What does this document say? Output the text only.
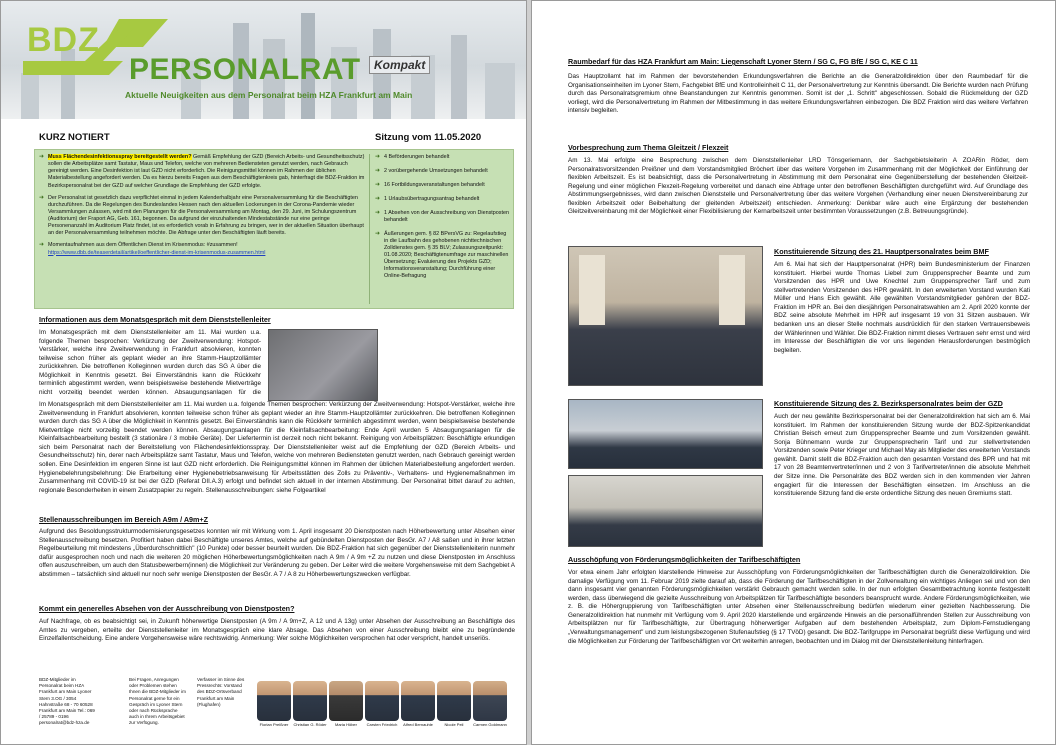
BDZ
PERSONALRAT	Kompakt
Aktuelle Neuigkeiten aus dem Personalrat beim HZA Frankfurt am Main
KURZ NOTIERT	Sitzung vom 11.05.2020
➜ Muss Flächendesinfektionsspray bereitgestellt werden? Gemäß Empfehlung der GZD (Bereich Arbeits- und Gesundheitsschutz) sollen die Arbeitsplätze samt Tastatur, Maus und Telefon, welche von mehreren Bediensteten genutzt werden, nach Gebrauch gereinigt werden. Eine Desinfektion ist laut GZD nicht erforderlich. Die Reinigungsmittel können im Rahmen der üblichen Materialbestellung angefordert werden. Da es hierzu bereits Fragen aus dem Beschäftigtenkreis gab, hinterfragt die BDZ-Fraktion im Bezirkspersonalrat bei der GZD auf welcher Grundlage die Empfehlung der GZD erfolgte.
➜ Der Personalrat ist gesetzlich dazu verpflichtet einmal in jedem Kalenderhalbjahr eine Personalversammlung für die Beschäftigten durchzuführen. Da die Regelungen des Bundeslandes Hessen nach den aktuellen Lockerungen in der Corona-Pandemie wieder Versammlungen zulassen, wird mit den Planungen für die Personalversammlung am Montag, den 29. Juni, im Schulungszentrum (Auditorium) der Fraport AG, Geb. 161, begonnen. Da aufgrund der einzuhaltenden Mindestabstände nur eine geringe Personenanzahl im Auditorium Platz findet, ist es erforderlich vorab in Erfahrung zu bringen, wer in der aktuellen Situation überhaupt an der Personalversammlung teilnehmen möchte. Die Abfrage unter den Beschäftigten läuft bereits.
➜ Momentaufnahmen aus dem Öffentlichen Dienst im Krisenmodus: #zusammen!
https://www.dbb.de/teaserdetail/artikel/oeffentlicher-dienst-im-krisenmodus-zusammen.html
➜ 4 Beförderungen behandelt
➜ 2 vorübergehende Umsetzungen behandelt
➜ 16 Fortbildungsveranstaltungen behandelt
➜ 1 Urlaubsübertragungsantrag behandelt
➜ 1 Absehen von der Ausschreibung von Dienstposten behandelt
➜ Äußerungen gem. § 82 BPersVG zu: Regelaufstieg in die Laufbahn des gehobenen nichttechnischen Zolldienstes gem. § 35 BLV; Zulassungszeitpunkt: 01.08.2020; Beschäftigtenumfrage zur maschinellen Übersetzung; Evaluierung des Projekts GZD; Informationsveranstaltung; Durchführung einer Online-Befragung
Informationen aus dem Monatsgespräch mit dem Dienststellenleiter
Im Monatsgespräch mit dem Dienststellenleiter am 11. Mai wurden u.a. folgende Themen besprochen: Verkürzung der Zweitverwendung: Hotspot-Verstärker, welche ihre Zweitverwendung in Frankfurt absolvieren, konnten teilweise schon früher als geplant wieder an ihre Stamm-Hauptzollämter zurückkehren. Die betroffenen Kolleginnen wurden durch das SG A über die Möglichkeit in Kenntnis gesetzt. Bei Einverständnis kann die Rückkehr terminlich abgestimmt werden, wenn beispielsweise bestehende Mietverträge nicht vorzeitig beendet werden können. Absaugungsanlagen für die
Im Monatsgespräch mit dem Dienststellenleiter am 11. Mai wurden u.a. folgende Themen besprochen: Verkürzung der Zweitverwendung: Hotspot-Verstärker, welche ihre Zweitverwendung in Frankfurt absolvieren, konnten teilweise schon früher als geplant wieder an ihre Stamm-Hauptzollämter zurückkehren. Die betroffenen Kolleginnen wurden durch das SG A über die Möglichkeit in Kenntnis gesetzt. Bei Einverständnis kann die Rückkehr terminlich abgestimmt werden, wenn beispielsweise bestehende Mietverträge nicht vorzeitig beendet werden können. Absaugungsanlagen für die Kleinfallsachbearbeitung: Ende April wurden 5 Absaugungsanlagen für die Kleinfallsachbearbeitung bestellt (3 stationäre / 3 mobile Geräte). Der Liefertermin ist derzeit noch nicht bekannt. Reinigung von Arbeitsplätzen: Beschäftigte erkundigen sich beim Personalrat nach der Bereitstellung von Flächendesinfektionsspray. Der Dienststellenleiter weist auf die Empfehlung der GZD (Bereich Arbeits- und Gesundheitsschutz) hin, derer nach Arbeitsplätze samt Tastatur, Maus und Telefon, welche von mehreren Bediensteten genutzt werden, nach Gebrauch gereinigt werden sollen. Eine Desinfektion im engeren Sinne ist laut GZD nicht erforderlich. Die Reinigungsmittel können im Rahmen der üblichen Materialbestellung angefordert werden. Hygienebelehrungsbelehrung: Die Erarbeitung einer Hygienebetriebsanweisung für Arbeitsstätten des Zolls zu Präventiv-, Verhaltens- und Hygienemaßnahmen im Zusammenhang mit COVID-19 ist bei der GZD (Referat DII.A.3) erfolgt und befindet sich aktuell in der internen Abstimmung. Der Personalrat bittet darauf zu achten, regionale Besonderheiten in einem Zusatzpapier zu regeln. Stellenausschreibungen: siehe Folgeartikel
Stellenausschreibungen im Bereich A9m / A9m+Z
Aufgrund des Besoldungsstrukturmodernisierungsgesetzes konnten wir mit Wirkung vom 1. April insgesamt 20 Dienstposten nach Höherbewertung unter Absehen einer Stellenausschreibung besetzen. Profitiert haben dabei Beschäftigte unseres Amtes, welche auf gebündelten Dienstposten der BesGr. A7 / A8 saßen und in ihrer letzten Regelbeurteilung mit mindestens „Überdurchschnittlich" (10 Punkte) oder besser beurteilt wurden. Die BDZ-Fraktion hat sich gegenüber der Dienststellenleiterin nunmehr dafür ausgesprochen noch und nach die weiteren 20 möglichen Höherbewertungsmöglichkeiten nach A 9m / A 9m +Z zu nutzen und diese Dienstposten im Anschluss offen auszuschreiben, um auch den Statusbewerbern(innen) die Möglichkeit zur Veränderung zu geben. Der Leiter wird die weitere Vorgehensweise mit dem Sachgebiet A abstimmen – tatsächlich sind aktuell nur noch sehr wenige Dienstposten der BesGr. A 7 / A 8 zu Höherbewertungszwecken verfügbar.
Kommt ein generelles Absehen von der Ausschreibung von Dienstposten?
Auf Nachfrage, ob es beabsichtigt sei, in Zukunft höherwertige Dienstposten (A 9m / A 9m+Z, A 12 und A 13g) unter Absehen der Ausschreibung an Beschäftigte des Amtes zu vergeben, erteilte der Dienststellenleiter im Monatsgespräch eine klare Absage. Das Absehen von einer Ausschreibung bleibt eine zu begründende Einzelfallentscheidung. Eine andere Vorgehensweise wäre rechtswidrig. Anmerkung: Wer solche Möglichkeiten versprochen hat oder verspricht, handelt unseriös.
BDZ-Mitglieder im Personalrat beim HZA Frankfurt am Main Lyoner Stern 3.OG / 3054 Hahnstraße 68 - 70 60528 Frankfurt am Main Tel.: 069 / 25789 - 0196 personalrat@bdz-hza.de
Bei Fragen, Anregungen oder Problemen stehen Ihnen die BDZ-Mitglieder im Personalrat gerne für ein Gespräch im Lyoner Stern oder nach Rücksprache auch in Ihrem Arbeitsgebiet zur Verfügung.
Verfasser im Sinne des Pressrechts: Vorstand des BDZ-Ortsverband Frankfurt am Main (Flughafen)
Florian Preißner	Christian G. Röder	Maria Höber	Carsten Friedrich	Alfred Bernauhle	Nicole Peil	Carmen Goldmann
Raumbedarf für das HZA Frankfurt am Main: Liegenschaft Lyoner Stern / SG C, FG BfE / SG C, KE C 11
Das Hauptzollamt hat im Rahmen der bevorstehenden Erkundungsverfahren die Berichte an die Generalzolldirektion über den Raumbedarf für die Organisationseinheiten im Lyoner Stern, Fachgebiet BfE und Kontrolleinheit C 11, der Personalvertretung zur Kenntnis übersandt. Die Berichte wurden nach Prüfung durch das Personalratsgremium ohne Beanstandungen zur Kenntnis genommen. Somit ist der „1. Schritt" abgeschlossen. Sobald die Rückmeldung der GZD vorliegt, wird die Personalvertretung im Rahmen der Mitbestimmung in das weitere Erkundungsverfahren einbezogen. Die BDZ Fraktion wird das weitere Verfahren intensiv begleiten.
Vorbesprechung zum Thema Gleitzeit / Flexzeit
Am 13. Mai erfolgte eine Besprechung zwischen dem Dienststellenleiter LRD Tönsgeriemann, der Sachgebietsleiterin A ZOARin Röder, dem Personalratsvorsitzenden Preißner und dem Vorstandsmitglied Bröchert über das weitere Vorgehen im Zusammenhang mit der Möglichkeit der Einführung der flexiblen Arbeitszeit. Es ist beabsichtigt, dass die Personalvertretung in Abstimmung mit dem Personalrat eine Gegenüberstellung der bestehenden Gleitzeit-Regelung und einer möglichen Flexzeit-Regelung vorbereitet und danach eine Abfrage unter den betroffenen Beschäftigten durchgeführt wird. Auf Grundlage des Abstimmungsergebnisses, wird dann zwischen Dienststelle und Personalvertretung über das weitere Vorgehen (Verhandlung einer neuen Dienstvereinbarung zur flexiblen Arbeitszeit oder Beibehaltung der gleitenden Arbeitszeit) entschieden. Anmerkung: Denkbar wäre auch eine Ergänzung der bestehenden Gleitzeitvereinbarung mit der Möglichkeit einer Flexibilisierung der Kernarbeitszeit unter bestimmten Voraussetzungen (z.B. Betreuungsgründe).
Konstituierende Sitzung des 21. Hauptpersonalrates beim BMF
Am 6. Mai hat sich der Hauptpersonalrat (HPR) beim Bundesministerium der Finanzen konstituiert. Hierbei wurde Thomas Liebel zum Gruppensprecher Beamte und zum Vorsitzenden des HPR und Uwe Knechtel zum Gruppensprecher Tarif und zum stellvertretenden Vorsitzenden des HPR gewählt. In den erweiterten Vorstand wurden Kati Müller und Hans Eich gewählt. Alle gewählten Vorstandsmitglieder gehören der BDZ-Fraktion im HPR an. Bei den diesjährigen Personalratswahlen am 2. April 2020 konnte der BDZ seine absolute Mehrheit im HPR auf insgesamt 19 von 31 Sitzen ausbauen. Wir bedanken uns an dieser Stelle nochmals ausdrücklich für den starken Vertrauensbeweis der Wählerinnen und Wähler. Die BDZ-Fraktion nimmt dieses Vertrauen sehr ernst und wird im Interesse der Beschäftigten die vor uns liegenden Herausforderungen bestmöglich begleiten.
Konstituierende Sitzung des 2. Bezirkspersonalrates beim der GZD
Auch der neu gewählte Bezirkspersonalrat bei der Generalzolldirektion hat sich am 6. Mai konstituiert. Im Rahmen der konstituierenden Sitzung wurde der BDZ-Spitzenkandidat Christian Beisch erneut zum Gruppensprecher Beamte und zum Vorsitzenden gewählt. Sonja Bühnemann wurde zur Gruppensprecherin Tarif und zur stellvertretenden Vorsitzenden sowie Peter Krieger und Michael May als Mitglieder des erweiterten Vorstands gewählt. Damit stellt die BDZ-Fraktion auch den gesamten Vorstand des BPR und hat mit 17 von 28 Beamtenvertreter/innen und 2 von 3 Tarifvertreter/innen die absolute Mehrheit der Sitze inne. Die Personalräte des BDZ werden sich in den kommenden vier Jahren engagiert für die Interessen der Beschäftigten einsetzen. Im Anschluss an die konstituierende Sitzung fand die erste ordentliche Sitzung des neuen Gremiums statt.
Ausschöpfung von Förderungsmöglichkeiten der Tarifbeschäftigten
Vor etwa einem Jahr erfolgten klarstellende Hinweise zur Ausschöpfung von Förderungsmöglichkeiten der Tarifbeschäftigten durch die Generalzolldirektion. Die damalige Verfügung vom 11. Februar 2019 zielte darauf ab, dass die Förderung der Tarifbeschäftigten in der Zollverwaltung ein wichtiges Anliegen sei und von den dann insgesamt vier genannten Förderungsmöglichkeiten verstärkt Gebrauch gemacht werden solle. In der nun erfolgten Gesamtbetrachtung konnte festgestellt werden, dass überwiegend die gezielte Ausschreibung von Arbeitsplätzen für Tarifbeschäftigte besonders beansprucht wurde. Andere Förderungsmöglichkeiten, wie z. B. die Höhergruppierung von Tarifbeschäftigten unter Absehen einer Stellenausschreibung bedürfen wiederum einer gezielten Nachbesserung. Die Generalzolldirektion hat nunmehr mit Verfügung vom 9. April 2020 klarstellende und ergänzende Hinweis an die personalführenden Stellen zur Ausschreibung von Arbeitsplätzen nur für Tarifbeschäftigte, zur Übertragung höherwertiger Aufgaben auf dem bestehenden Arbeitsplatz, zum Diplom-Fernstudiengang „Verwaltungsmanagement" und zum leistungsbezogenen Stufenaufstieg (§ 17 TVöD) gesandt. Die BDZ-Tarifgruppe im Personalrat begrüßt diese Verfügung und wird die Möglichkeiten zur Förderung der Tarifbeschäftigten vor Ort weiterhin anregen, beobachten und im Dialog mit der Dienststellenleitung hinterfragen.
